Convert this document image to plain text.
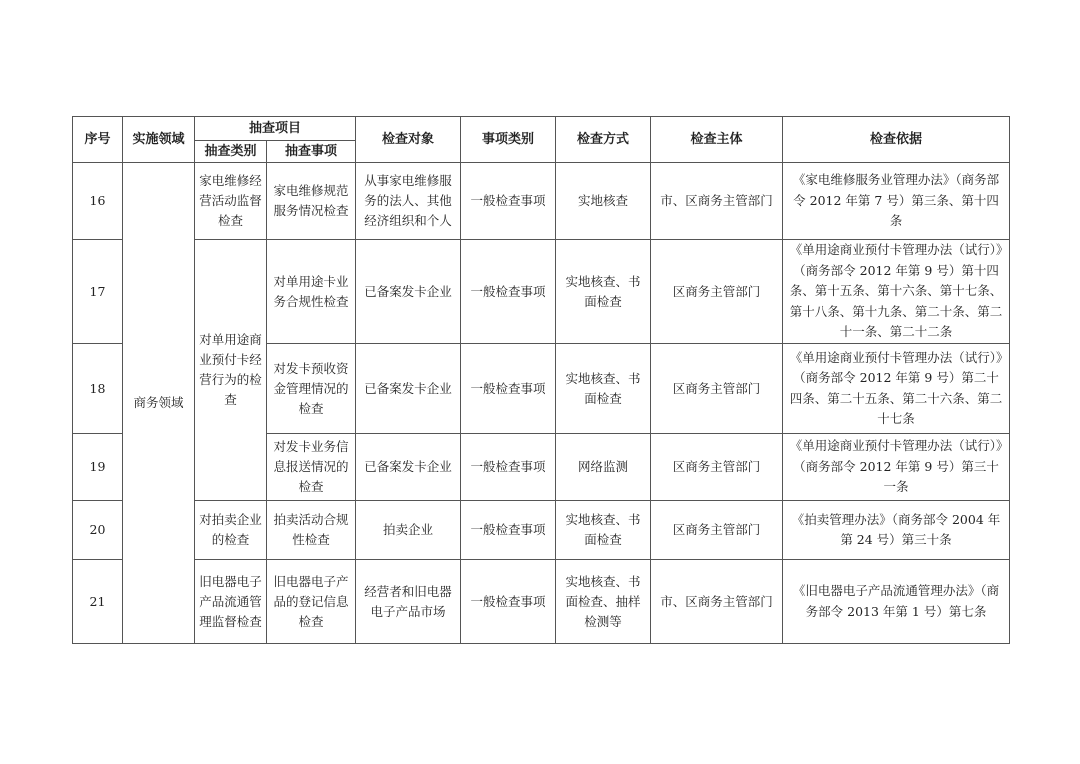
序号	实施领域	抽查项目		检查对象	事项类别	检查方式	检查主体	检查依据
		抽查类别	抽查事项					
16	商务领域	家电维修经营活动监督检查	家电维修规范服务情况检查	从事家电维修服务的法人、其他经济组织和个人	一般检查事项	实地核查	市、区商务主管部门	《家电维修服务业管理办法》（商务部令 2012 年第 7 号）第三条、第十四条
17		对单用途商业预付卡经营行为的检查	对单用途卡业务合规性检查	已备案发卡企业	一般检查事项	实地核查、书面检查	区商务主管部门	《单用途商业预付卡管理办法（试行）》（商务部令 2012 年第 9 号）第十四条、第十五条、第十六条、第十七条、第十八条、第十九条、第二十条、第二十一条、第二十二条
18			对发卡预收资金管理情况的检查	已备案发卡企业	一般检查事项	实地核查、书面检查	区商务主管部门	《单用途商业预付卡管理办法（试行）》（商务部令 2012 年第 9 号）第二十四条、第二十五条、第二十六条、第二十七条
19			对发卡业务信息报送情况的检查	已备案发卡企业	一般检查事项	网络监测	区商务主管部门	《单用途商业预付卡管理办法（试行）》（商务部令 2012 年第 9 号）第三十一条
20		对拍卖企业的检查	拍卖活动合规性检查	拍卖企业	一般检查事项	实地核查、书面检查	区商务主管部门	《拍卖管理办法》（商务部令 2004 年第 24 号）第三十条
21		旧电器电子产品流通管理监督检查	旧电器电子产品的登记信息检查	经营者和旧电器电子产品市场	一般检查事项	实地核查、书面检查、抽样检测等	市、区商务主管部门	《旧电器电子产品流通管理办法》（商务部令 2013 年第 1 号）第七条
